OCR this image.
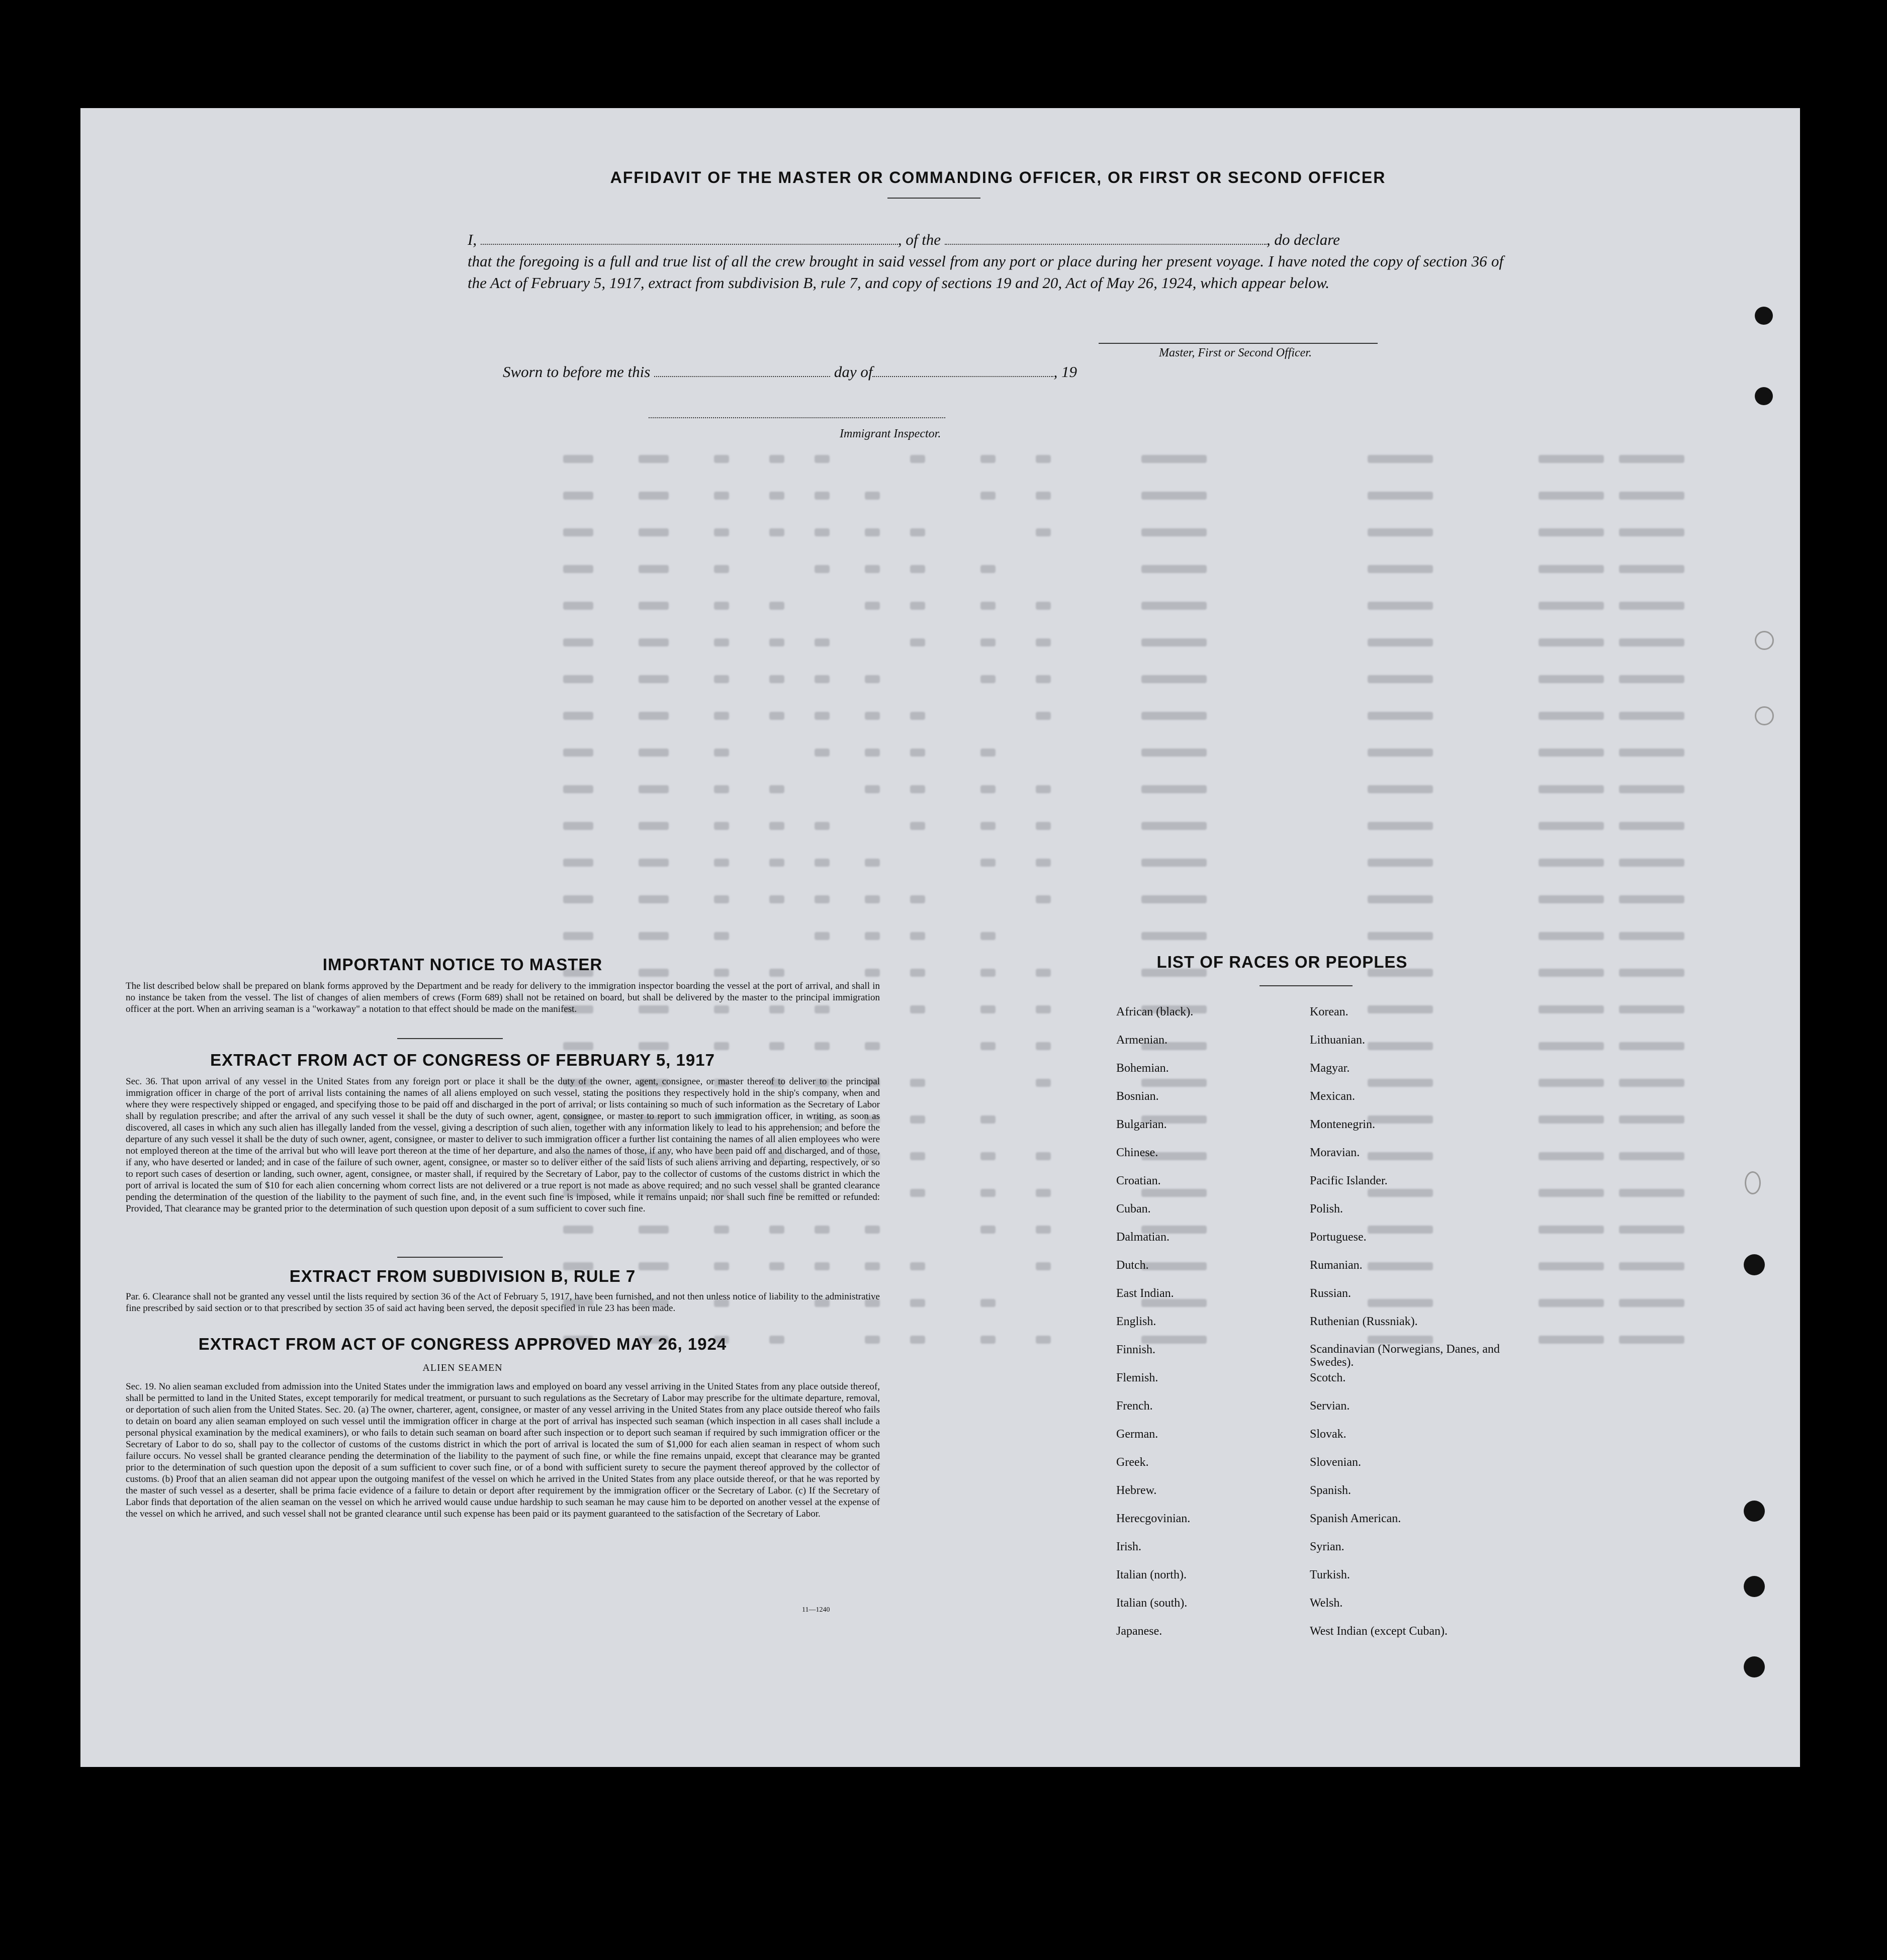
AFFIDAVIT OF THE MASTER OR COMMANDING OFFICER, OR FIRST OR SECOND OFFICER
I,	, of the	, do declare
that the foregoing is a full and true list of all the crew brought in said vessel from any port or place during her present voyage. I have noted the copy of section 36 of the Act of February 5, 1917, extract from subdivision B, rule 7, and copy of sections 19 and 20, Act of May 26, 1924, which appear below.
Master, First or Second Officer.
Sworn to before me this	day of	, 19
Immigrant Inspector.
IMPORTANT NOTICE TO MASTER
The list described below shall be prepared on blank forms approved by the Department and be ready for delivery to the immigration inspector boarding the vessel at the port of arrival, and shall in no instance be taken from the vessel. The list of changes of alien members of crews (Form 689) shall not be retained on board, but shall be delivered by the master to the principal immigration officer at the port. When an arriving seaman is a "workaway" a notation to that effect should be made on the manifest.
EXTRACT FROM ACT OF CONGRESS OF FEBRUARY 5, 1917
Sec. 36. That upon arrival of any vessel in the United States from any foreign port or place it shall be the duty of the owner, agent, consignee, or master thereof to deliver to the principal immigration officer in charge of the port of arrival lists containing the names of all aliens employed on such vessel, stating the positions they respectively hold in the ship's company, when and where they were respectively shipped or engaged, and specifying those to be paid off and discharged in the port of arrival; or lists containing so much of such information as the Secretary of Labor shall by regulation prescribe; and after the arrival of any such vessel it shall be the duty of such owner, agent, consignee, or master to report to such immigration officer, in writing, as soon as discovered, all cases in which any such alien has illegally landed from the vessel, giving a description of such alien, together with any information likely to lead to his apprehension; and before the departure of any such vessel it shall be the duty of such owner, agent, consignee, or master to deliver to such immigration officer a further list containing the names of all alien employees who were not employed thereon at the time of the arrival but who will leave port thereon at the time of her departure, and also the names of those, if any, who have been paid off and discharged, and of those, if any, who have deserted or landed; and in case of the failure of such owner, agent, consignee, or master so to deliver either of the said lists of such aliens arriving and departing, respectively, or so to report such cases of desertion or landing, such owner, agent, consignee, or master shall, if required by the Secretary of Labor, pay to the collector of customs of the customs district in which the port of arrival is located the sum of $10 for each alien concerning whom correct lists are not delivered or a true report is not made as above required; and no such vessel shall be granted clearance pending the determination of the question of the liability to the payment of such fine, and, in the event such fine is imposed, while it remains unpaid; nor shall such fine be remitted or refunded: Provided, That clearance may be granted prior to the determination of such question upon deposit of a sum sufficient to cover such fine.
EXTRACT FROM SUBDIVISION B, RULE 7
Par. 6. Clearance shall not be granted any vessel until the lists required by section 36 of the Act of February 5, 1917, have been furnished, and not then unless notice of liability to the administrative fine prescribed by said section or to that prescribed by section 35 of said act having been served, the deposit specified in rule 23 has been made.
EXTRACT FROM ACT OF CONGRESS APPROVED MAY 26, 1924
ALIEN SEAMEN
Sec. 19. No alien seaman excluded from admission into the United States under the immigration laws and employed on board any vessel arriving in the United States from any place outside thereof, shall be permitted to land in the United States, except temporarily for medical treatment, or pursuant to such regulations as the Secretary of Labor may prescribe for the ultimate departure, removal, or deportation of such alien from the United States. Sec. 20. (a) The owner, charterer, agent, consignee, or master of any vessel arriving in the United States from any place outside thereof who fails to detain on board any alien seaman employed on such vessel until the immigration officer in charge at the port of arrival has inspected such seaman (which inspection in all cases shall include a personal physical examination by the medical examiners), or who fails to detain such seaman on board after such inspection or to deport such seaman if required by such immigration officer or the Secretary of Labor to do so, shall pay to the collector of customs of the customs district in which the port of arrival is located the sum of $1,000 for each alien seaman in respect of whom such failure occurs. No vessel shall be granted clearance pending the determination of the liability to the payment of such fine, or while the fine remains unpaid, except that clearance may be granted prior to the determination of such question upon the deposit of a sum sufficient to cover such fine, or of a bond with sufficient surety to secure the payment thereof approved by the collector of customs. (b) Proof that an alien seaman did not appear upon the outgoing manifest of the vessel on which he arrived in the United States from any place outside thereof, or that he was reported by the master of such vessel as a deserter, shall be prima facie evidence of a failure to detain or deport after requirement by the immigration officer or the Secretary of Labor. (c) If the Secretary of Labor finds that deportation of the alien seaman on the vessel on which he arrived would cause undue hardship to such seaman he may cause him to be deported on another vessel at the expense of the vessel on which he arrived, and such vessel shall not be granted clearance until such expense has been paid or its payment guaranteed to the satisfaction of the Secretary of Labor.
11—1240
LIST OF RACES OR PEOPLES
African (black).
Armenian.
Bohemian.
Bosnian.
Bulgarian.
Chinese.
Croatian.
Cuban.
Dalmatian.
Dutch.
East Indian.
English.
Finnish.
Flemish.
French.
German.
Greek.
Hebrew.
Herecgovinian.
Irish.
Italian (north).
Italian (south).
Japanese.
Korean.
Lithuanian.
Magyar.
Mexican.
Montenegrin.
Moravian.
Pacific Islander.
Polish.
Portuguese.
Rumanian.
Russian.
Ruthenian (Russniak).
Scandinavian (Norwegians, Danes, and Swedes).
Scotch.
Servian.
Slovak.
Slovenian.
Spanish.
Spanish American.
Syrian.
Turkish.
Welsh.
West Indian (except Cuban).
